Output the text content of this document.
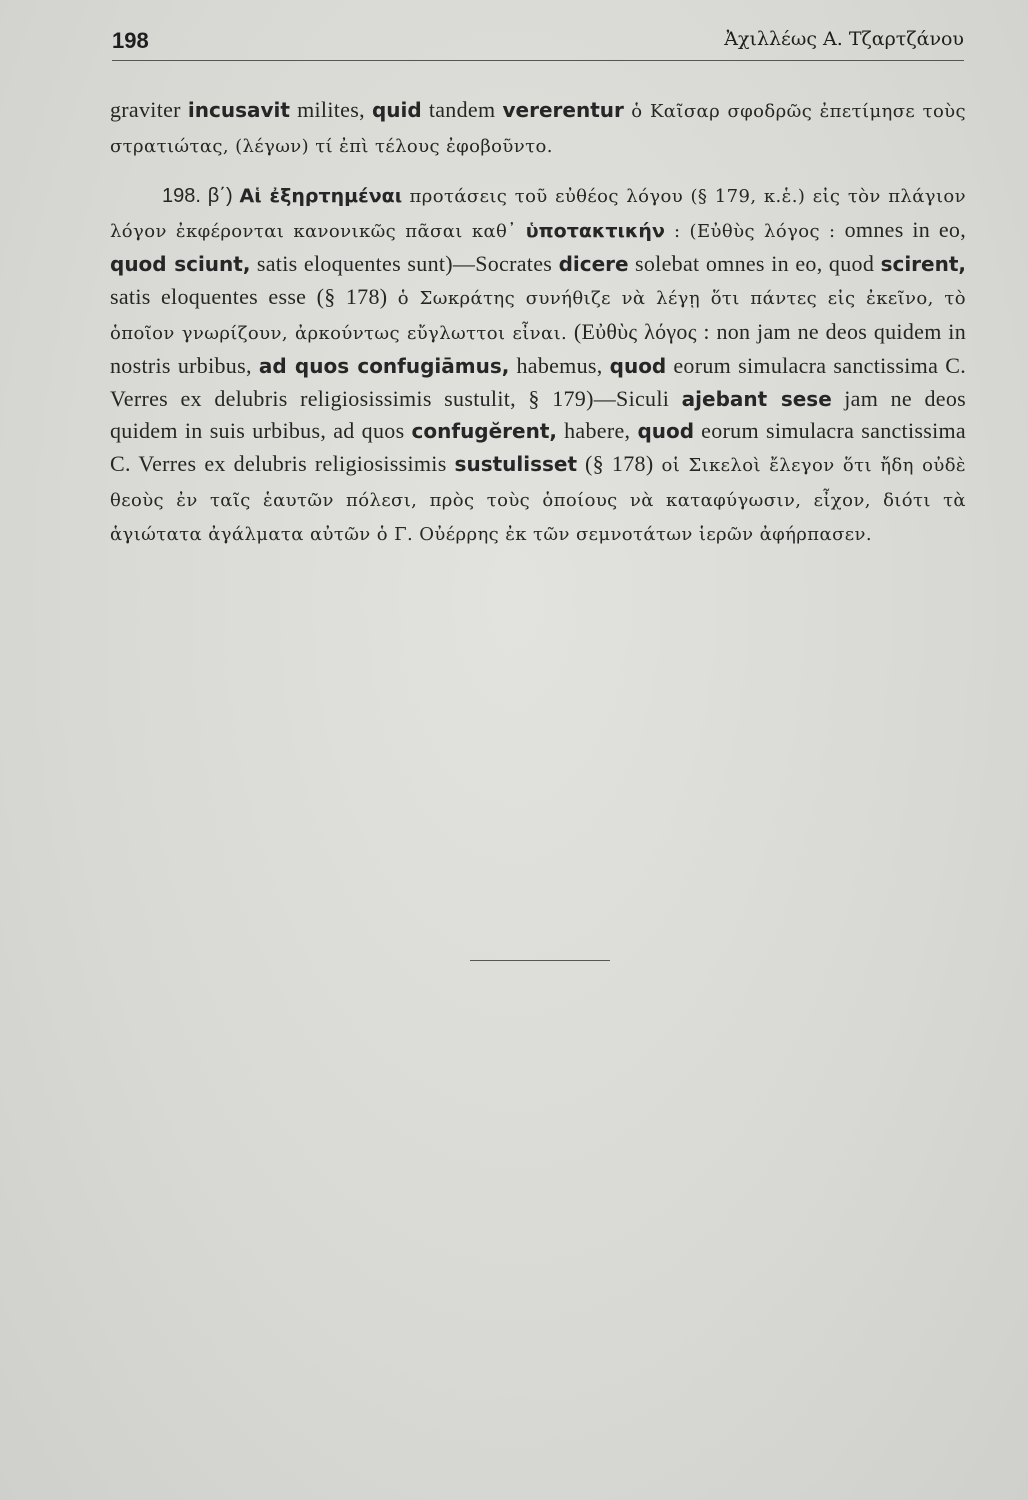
198	Ἀχιλλέως Α. Τζαρτζάνου

graviter incusavit milites, quid tandem vererentur ὁ Καῖσαρ σφοδρῶς ἐπετίμησε τοὺς στρατιώτας, (λέγων) τί ἐπὶ τέλους ἐφοβοῦντο.

198. β΄) Αἱ ἐξηρτημέναι προτάσεις τοῦ εὐθέος λόγου (§ 179, κ.ἑ.) εἰς τὸν πλάγιον λόγον ἐκφέρονται κανονικῶς πᾶσαι καθ᾽ ὑποτακτικήν : (Εὐθὺς λόγος : omnes in eo, quod sciunt, satis eloquentes sunt)—Socrates dicere solebat omnes in eo, quod scirent, satis eloquentes esse (§ 178) ὁ Σωκράτης συνήθιζε νὰ λέγῃ ὅτι πάντες εἰς ἐκεῖνο, τὸ ὁποῖον γνωρίζουν, ἀρκούντως εὔγλωττοι εἶναι. (Εὐθὺς λόγος : non jam ne deos quidem in nostris urbibus, ad quos confugiāmus, habemus, quod eorum simulacra sanctissima C. Verres ex delubris religiosissimis sustulit, § 179)—Siculi ajebant sese jam ne deos quidem in suis urbibus, ad quos confugĕrent, habere, quod eorum simulacra sanctissima C. Verres ex delubris religiosissimis sustulisset (§ 178) οἱ Σικελοὶ ἔλεγον ὅτι ἤδη οὐδὲ θεοὺς ἐν ταῖς ἑαυτῶν πόλεσι, πρὸς τοὺς ὁποίους νὰ καταφύγωσιν, εἶχον, διότι τὰ ἁγιώτατα ἀγάλματα αὐτῶν ὁ Γ. Οὐέρρης ἐκ τῶν σεμνοτάτων ἱερῶν ἀφήρπασεν.
